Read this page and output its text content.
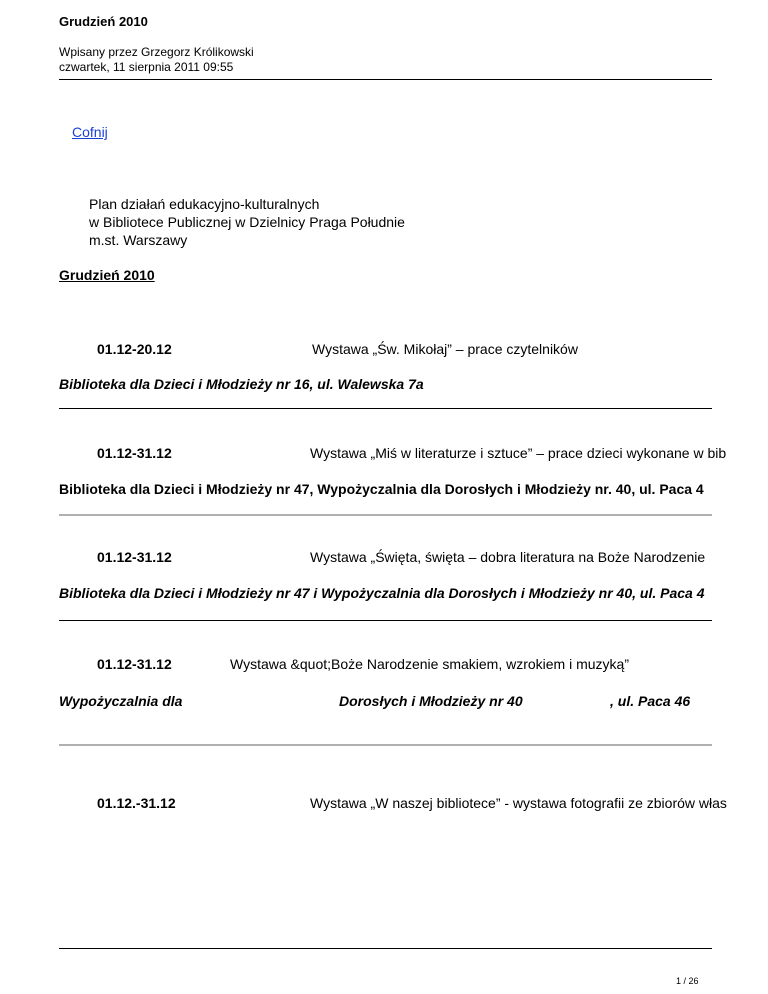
Grudzień 2010
Wpisany przez Grzegorz Królikowski
czwartek, 11 sierpnia 2011 09:55
Cofnij
Plan działań edukacyjno-kulturalnych
w Bibliotece Publicznej w Dzielnicy Praga Południe
m.st. Warszawy
Grudzień 2010
01.12-20.12	Wystawa „Św. Mikołaj” – prace czytelników
Biblioteka dla Dzieci i Młodzieży nr 16, ul. Walewska 7a
01.12-31.12	Wystawa „Miś w literaturze i sztuce” – prace dzieci wykonane w bib
Biblioteka dla Dzieci i Młodzieży nr 47, Wypożyczalnia dla Dorosłych i Młodzieży nr. 40, ul. Paca 4
01.12-31.12	Wystawa „Święta, święta – dobra literatura na Boże Narodzenie
Biblioteka dla Dzieci i Młodzieży nr 47 i Wypożyczalnia dla Dorosłych i Młodzieży nr 40, ul. Paca 4
01.12-31.12	Wystawa &quot;Boże Narodzenie smakiem, wzrokiem i muzyką”
Wypożyczalnia dla	Dorosłych i Młodzieży nr 40	, ul. Paca 46
01.12.-31.12	Wystawa „W naszej bibliotece” - wystawa fotografii ze zbiorów włas
1 / 26
